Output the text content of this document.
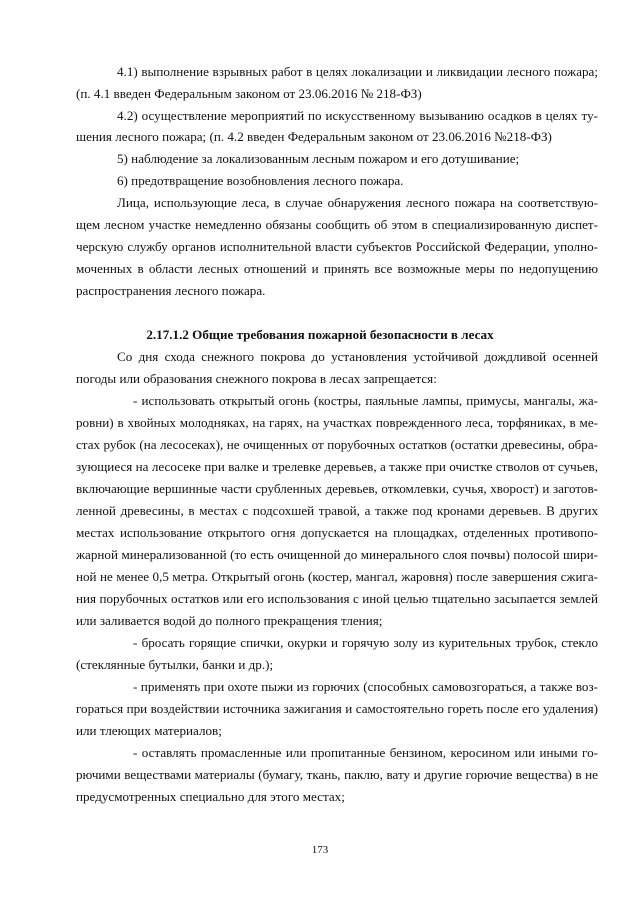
4.1) выполнение взрывных работ в целях локализации и ликвидации лесного пожара;
(п. 4.1 введен Федеральным законом от 23.06.2016 № 218-ФЗ)
4.2) осуществление мероприятий по искусственному вызыванию осадков в целях ту-
шения лесного пожара; (п. 4.2 введен Федеральным законом от 23.06.2016 №218-ФЗ)
5) наблюдение за локализованным лесным пожаром и его дотушивание;
6) предотвращение возобновления лесного пожара.
Лица, использующие леса, в случае обнаружения лесного пожара на соответствую-
щем лесном участке немедленно обязаны сообщить об этом в специализированную диспет-
черскую службу органов исполнительной власти субъектов Российской Федерации, уполно-
моченных в области лесных отношений и принять все возможные меры по недопущению
распространения лесного пожара.
2.17.1.2 Общие требования пожарной безопасности в лесах
Со дня схода снежного покрова до установления устойчивой дождливой осенней
погоды или образования снежного покрова в лесах запрещается:
- использовать открытый огонь (костры, паяльные лампы, примусы, мангалы, жа-
ровни) в хвойных молодняках, на гарях, на участках поврежденного леса, торфяниках, в ме-
стах рубок (на лесосеках), не очищенных от порубочных остатков (остатки древесины, обра-
зующиеся на лесосеке при валке и трелевке деревьев, а также при очистке стволов от сучьев,
включающие вершинные части срубленных деревьев, откомлевки, сучья, хворост) и заготов-
ленной древесины, в местах с подсохшей травой, а также под кронами деревьев. В других
местах использование открытого огня допускается на площадках, отделенных противопо-
жарной минерализованной (то есть очищенной до минерального слоя почвы) полосой шири-
ной не менее 0,5 метра. Открытый огонь (костер, мангал, жаровня) после завершения сжига-
ния порубочных остатков или его использования с иной целью тщательно засыпается землей
или заливается водой до полного прекращения тления;
- бросать горящие спички, окурки и горячую золу из курительных трубок, стекло
(стеклянные бутылки, банки и др.);
- применять при охоте пыжи из горючих (способных самовозгораться, а также воз-
гораться при воздействии источника зажигания и самостоятельно гореть после его удаления)
или тлеющих материалов;
- оставлять промасленные или пропитанные бензином, керосином или иными го-
рючими веществами материалы (бумагу, ткань, паклю, вату и другие горючие вещества) в не
предусмотренных специально для этого местах;
173
